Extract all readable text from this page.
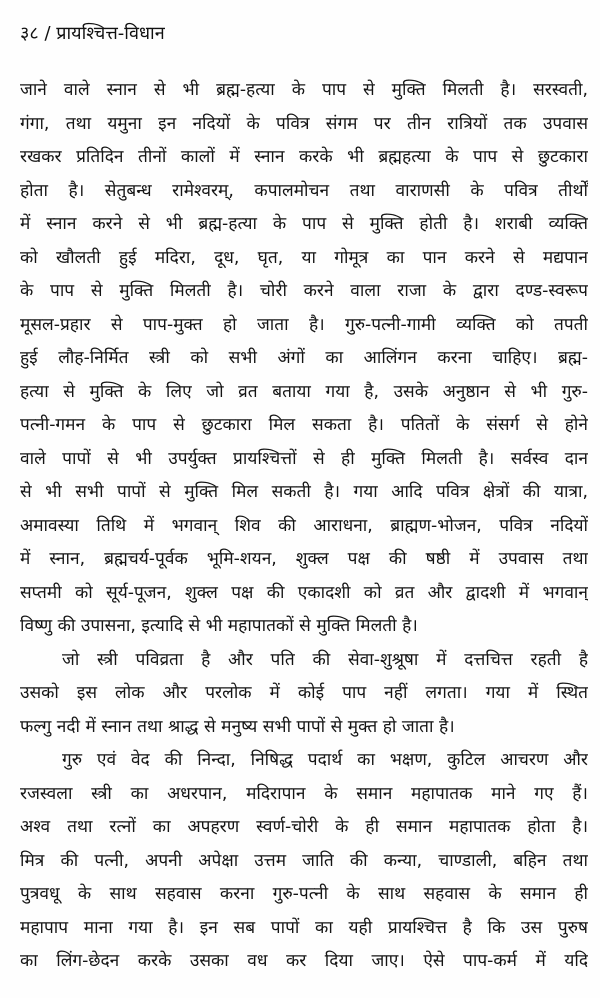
३८ / प्रायश्चित्त-विधान
जाने वाले स्नान से भी ब्रह्म-हत्या के पाप से मुक्ति मिलती है। सरस्वती,
गंगा, तथा यमुना इन नदियों के पवित्र संगम पर तीन रात्रियों तक उपवास
रखकर प्रतिदिन तीनों कालों में स्नान करके भी ब्रह्महत्या के पाप से छुटकारा
होता है। सेतुबन्ध रामेश्वरम्, कपालमोचन तथा वाराणसी के पवित्र तीर्थों
में स्नान करने से भी ब्रह्म-हत्या के पाप से मुक्ति होती है। शराबी व्यक्ति
को खौलती हुई मदिरा, दूध, घृत, या गोमूत्र का पान करने से मद्यपान
के पाप से मुक्ति मिलती है। चोरी करने वाला राजा के द्वारा दण्ड-स्वरूप
मूसल-प्रहार से पाप-मुक्त हो जाता है। गुरु-पत्नी-गामी व्यक्ति को तपती
हुई लौह-निर्मित स्त्री को सभी अंगों का आलिंगन करना चाहिए। ब्रह्म-
हत्या से मुक्ति के लिए जो व्रत बताया गया है, उसके अनुष्ठान से भी गुरु-
पत्नी-गमन के पाप से छुटकारा मिल सकता है। पतितों के संसर्ग से होने
वाले पापों से भी उपर्युक्त प्रायश्चित्तों से ही मुक्ति मिलती है। सर्वस्व दान
से भी सभी पापों से मुक्ति मिल सकती है। गया आदि पवित्र क्षेत्रों की यात्रा,
अमावस्या तिथि में भगवान् शिव की आराधना, ब्राह्मण-भोजन, पवित्र नदियों
में स्नान, ब्रह्मचर्य-पूर्वक भूमि-शयन, शुक्ल पक्ष की षष्ठी में उपवास तथा
सप्तमी को सूर्य-पूजन, शुक्ल पक्ष की एकादशी को व्रत और द्वादशी में भगवान्
विष्णु की उपासना, इत्यादि से भी महापातकों से मुक्ति मिलती है।
जो स्त्री पविव्रता है और पति की सेवा-शुश्रूषा में दत्तचित्त रहती है
उसको इस लोक और परलोक में कोई पाप नहीं लगता। गया में स्थित
फल्गु नदी में स्नान तथा श्राद्ध से मनुष्य सभी पापों से मुक्त हो जाता है।
गुरु एवं वेद की निन्दा, निषिद्ध पदार्थ का भक्षण, कुटिल आचरण और
रजस्वला स्त्री का अधरपान, मदिरापान के समान महापातक माने गए हैं।
अश्व तथा रत्नों का अपहरण स्वर्ण-चोरी के ही समान महापातक होता है।
मित्र की पत्नी, अपनी अपेक्षा उत्तम जाति की कन्या, चाण्डाली, बहिन तथा
पुत्रवधू के साथ सहवास करना गुरु-पत्नी के साथ सहवास के समान ही
महापाप माना गया है। इन सब पापों का यही प्रायश्चित्त है कि उस पुरुष
का लिंग-छेदन करके उसका वध कर दिया जाए। ऐसे पाप-कर्म में यदि
